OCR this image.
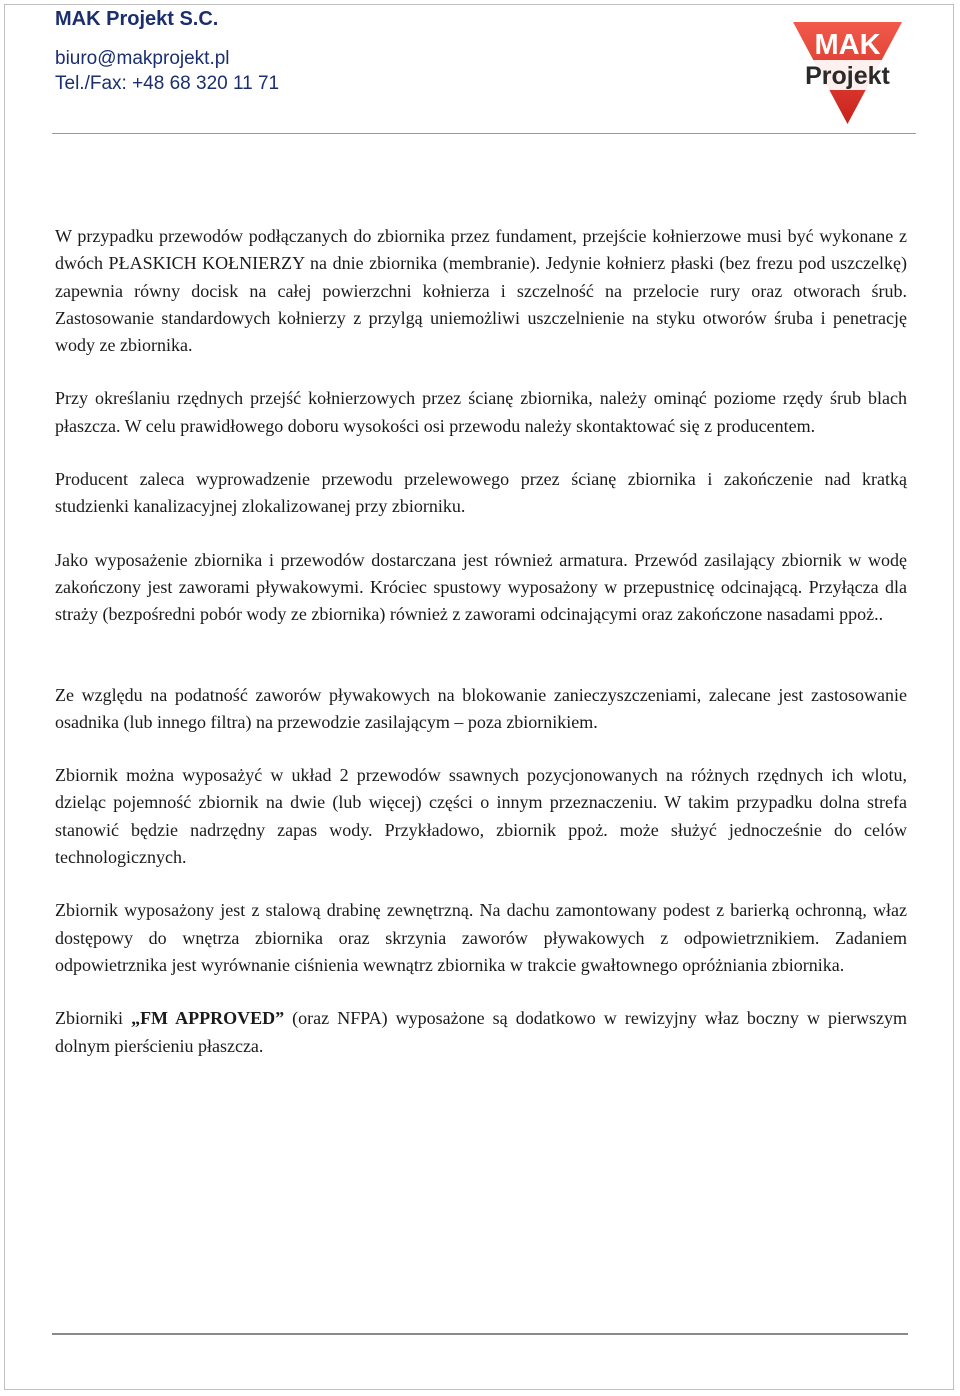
MAK Projekt S.C.
biuro@makprojekt.pl
Tel./Fax: +48 68 320 11 71
MAK
Projekt

W przypadku przewodów podłączanych do zbiornika przez fundament, przejście kołnierzowe musi być wykonane z dwóch PŁASKICH KOŁNIERZY na dnie zbiornika (membranie). Jedynie kołnierz płaski (bez frezu pod uszczelkę) zapewnia równy docisk na całej powierzchni kołnierza i szczelność na przelocie rury oraz otworach śrub. Zastosowanie standardowych kołnierzy z przylgą uniemożliwi uszczelnienie na styku otworów śruba i penetrację wody ze zbiornika.

Przy określaniu rzędnych przejść kołnierzowych przez ścianę zbiornika, należy ominąć poziome rzędy śrub blach płaszcza. W celu prawidłowego doboru wysokości osi przewodu należy skontaktować się z producentem.

Producent zaleca wyprowadzenie przewodu przelewowego przez ścianę zbiornika i zakończenie nad kratką studzienki kanalizacyjnej zlokalizowanej przy zbiorniku.

Jako wyposażenie zbiornika i przewodów dostarczana jest również armatura. Przewód zasilający zbiornik w wodę zakończony jest zaworami pływakowymi. Króciec spustowy wyposażony w przepustnicę odcinającą. Przyłącza dla straży (bezpośredni pobór wody ze zbiornika) również z zaworami odcinającymi oraz zakończone nasadami ppoż..

Ze względu na podatność zaworów pływakowych na blokowanie zanieczyszczeniami, zalecane jest zastosowanie osadnika (lub innego filtra) na przewodzie zasilającym – poza zbiornikiem.

Zbiornik można wyposażyć w układ 2 przewodów ssawnych pozycjonowanych na różnych rzędnych ich wlotu, dzieląc pojemność zbiornik na dwie (lub więcej) części o innym przeznaczeniu. W takim przypadku dolna strefa stanowić będzie nadrzędny zapas wody. Przykładowo, zbiornik ppoż. może służyć jednocześnie do celów technologicznych.

Zbiornik wyposażony jest z stalową drabinę zewnętrzną. Na dachu zamontowany podest z barierką ochronną, właz dostępowy do wnętrza zbiornika oraz skrzynia zaworów pływakowych z odpowietrznikiem. Zadaniem odpowietrznika jest wyrównanie ciśnienia wewnątrz zbiornika w trakcie gwałtownego opróżniania zbiornika.

Zbiorniki „FM APPROVED” (oraz NFPA) wyposażone są dodatkowo w rewizyjny właz boczny w pierwszym dolnym pierścieniu płaszcza.
